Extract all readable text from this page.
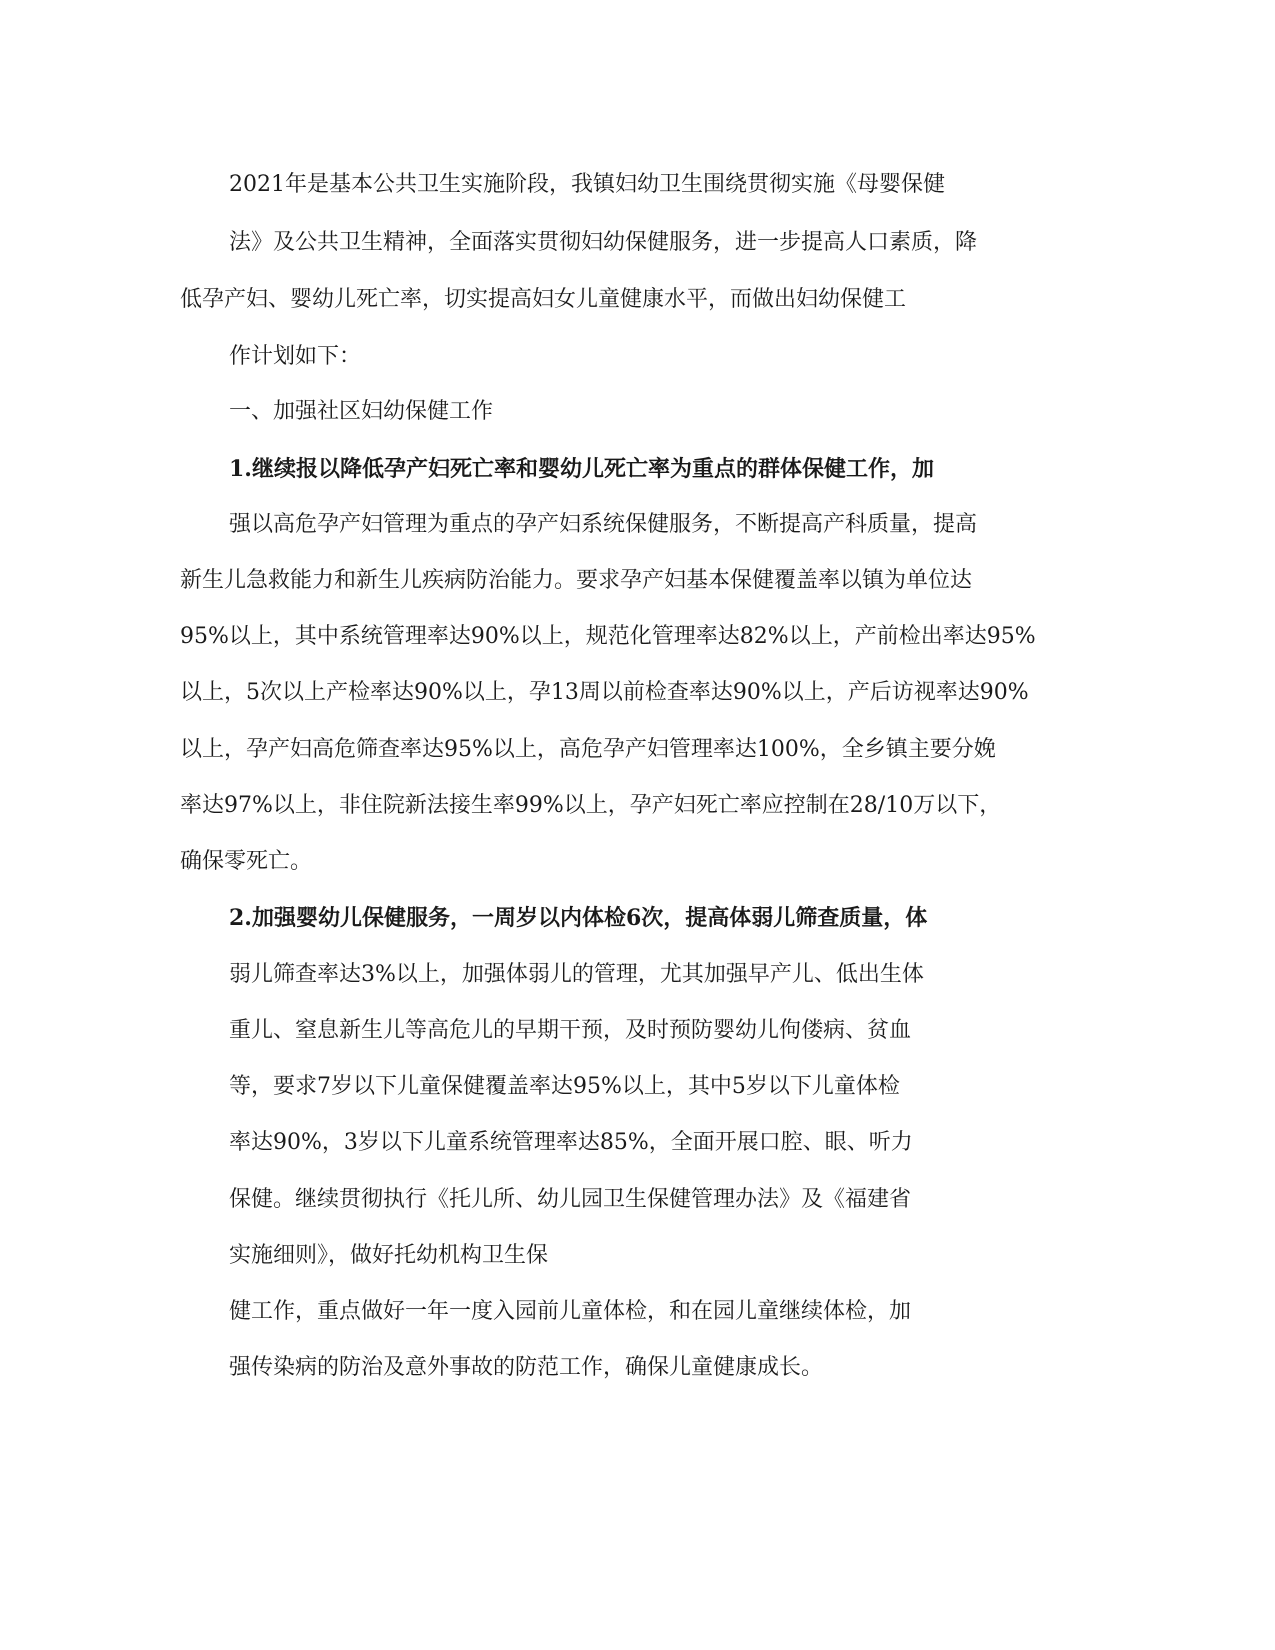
2021年是基本公共卫生实施阶段，我镇妇幼卫生围绕贯彻实施《母婴保健

法》及公共卫生精神，全面落实贯彻妇幼保健服务，进一步提高人口素质，降

低孕产妇、婴幼儿死亡率，切实提高妇女儿童健康水平，而做出妇幼保健工

作计划如下：

一、加强社区妇幼保健工作

1.继续报以降低孕产妇死亡率和婴幼儿死亡率为重点的群体保健工作，加

强以高危孕产妇管理为重点的孕产妇系统保健服务，不断提高产科质量，提高

新生儿急救能力和新生儿疾病防治能力。要求孕产妇基本保健覆盖率以镇为单位达

95%以上，其中系统管理率达90%以上，规范化管理率达82%以上，产前检出率达95%

以上，5次以上产检率达90%以上，孕13周以前检查率达90%以上，产后访视率达90%

以上，孕产妇高危筛查率达95%以上，高危孕产妇管理率达100%，全乡镇主要分娩

率达97%以上，非住院新法接生率99%以上，孕产妇死亡率应控制在28/10万以下，

确保零死亡。

2.加强婴幼儿保健服务，一周岁以内体检6次，提高体弱儿筛查质量，体

弱儿筛查率达3%以上，加强体弱儿的管理，尤其加强早产儿、低出生体

重儿、窒息新生儿等高危儿的早期干预，及时预防婴幼儿佝偻病、贫血

等，要求7岁以下儿童保健覆盖率达95%以上，其中5岁以下儿童体检

率达90%，3岁以下儿童系统管理率达85%，全面开展口腔、眼、听力

保健。继续贯彻执行《托儿所、幼儿园卫生保健管理办法》及《福建省

实施细则》，做好托幼机构卫生保

健工作，重点做好一年一度入园前儿童体检，和在园儿童继续体检，加

强传染病的防治及意外事故的防范工作，确保儿童健康成长。
